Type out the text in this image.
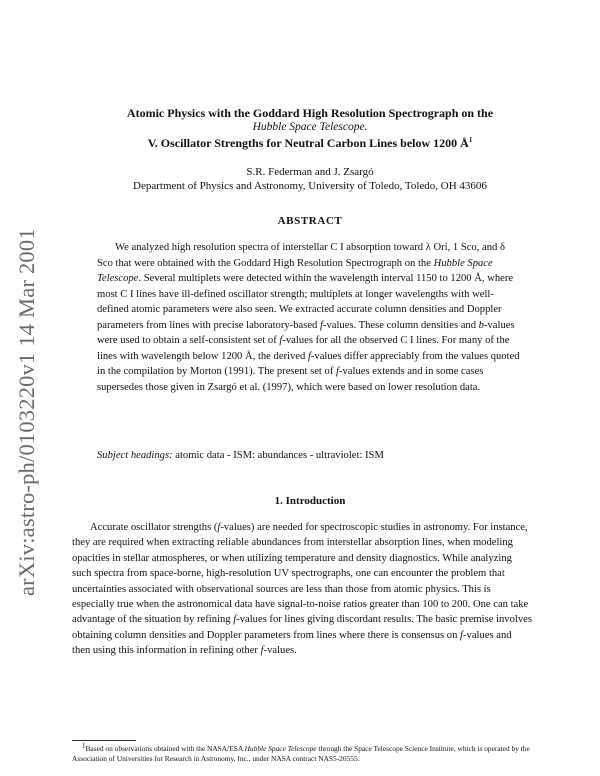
arXiv:astro-ph/0103220v1 14 Mar 2001
Atomic Physics with the Goddard High Resolution Spectrograph on the
Hubble Space Telescope.
V. Oscillator Strengths for Neutral Carbon Lines below 1200 $Å^1$
S.R. Federman and J. Zsargó
Department of Physics and Astronomy, University of Toledo, Toledo, OH 43606
ABSTRACT

We analyzed high resolution spectra of interstellar C I absorption toward λ Ori, 1 Sco, and δ Sco that were obtained with the Goddard High Resolution Spectrograph on the Hubble Space Telescope. Several multiplets were detected within the wavelength interval 1150 to 1200 Å, where most C I lines have ill-defined oscillator strength; multiplets at longer wavelengths with well-defined atomic parameters were also seen. We extracted accurate column densities and Doppler parameters from lines with precise laboratory-based f-values. These column densities and b-values were used to obtain a self-consistent set of f-values for all the observed C I lines. For many of the lines with wavelength below 1200 Å, the derived f-values differ appreciably from the values quoted in the compilation by Morton (1991). The present set of f-values extends and in some cases supersedes those given in Zsargó et al. (1997), which were based on lower resolution data.

Subject headings: atomic data - ISM: abundances - ultraviolet: ISM
1. Introduction

Accurate oscillator strengths (f-values) are needed for spectroscopic studies in astronomy. For instance, they are required when extracting reliable abundances from interstellar absorption lines, when modeling opacities in stellar atmospheres, or when utilizing temperature and density diagnostics. While analyzing such spectra from space-borne, high-resolution UV spectrographs, one can encounter the problem that uncertainties associated with observational sources are less than those from atomic physics. This is especially true when the astronomical data have signal-to-noise ratios greater than 100 to 200. One can take advantage of the situation by refining f-values for lines giving discordant results. The basic premise involves obtaining column densities and Doppler parameters from lines where there is consensus on f-values and then using this information in refining other f-values.

$^1$Based on observations obtained with the NASA/ESA Hubble Space Telescope through the Space Telescope Science Institute, which is operated by the Association of Universities for Research in Astronomy, Inc., under NASA contract NAS5-26555.
